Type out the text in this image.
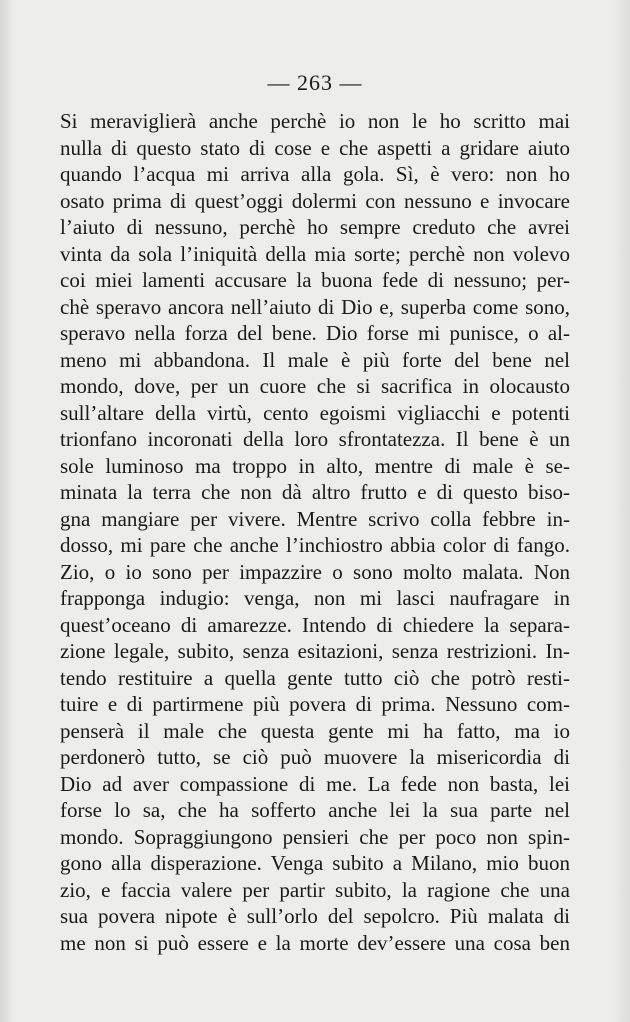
— 263 —
Si meraviglierà anche perchè io non le ho scritto mai
nulla di questo stato di cose e che aspetti a gridare aiuto
quando l’acqua mi arriva alla gola. Sì, è vero: non ho
osato prima di quest’oggi dolermi con nessuno e invocare
l’aiuto di nessuno, perchè ho sempre creduto che avrei
vinta da sola l’iniquità della mia sorte; perchè non volevo
coi miei lamenti accusare la buona fede di nessuno; per-
chè speravo ancora nell’aiuto di Dio e, superba come sono,
speravo nella forza del bene. Dio forse mi punisce, o al-
meno mi abbandona. Il male è più forte del bene nel
mondo, dove, per un cuore che si sacrifica in olocausto
sull’altare della virtù, cento egoismi vigliacchi e potenti
trionfano incoronati della loro sfrontatezza. Il bene è un
sole luminoso ma troppo in alto, mentre di male è se-
minata la terra che non dà altro frutto e di questo biso-
gna mangiare per vivere. Mentre scrivo colla febbre in-
dosso, mi pare che anche l’inchiostro abbia color di fango.
Zio, o io sono per impazzire o sono molto malata. Non
frapponga indugio: venga, non mi lasci naufragare in
quest’oceano di amarezze. Intendo di chiedere la separa-
zione legale, subito, senza esitazioni, senza restrizioni. In-
tendo restituire a quella gente tutto ciò che potrò resti-
tuire e di partirmene più povera di prima. Nessuno com-
penserà il male che questa gente mi ha fatto, ma io
perdonerò tutto, se ciò può muovere la misericordia di
Dio ad aver compassione di me. La fede non basta, lei
forse lo sa, che ha sofferto anche lei la sua parte nel
mondo. Sopraggiungono pensieri che per poco non spin-
gono alla disperazione. Venga subito a Milano, mio buon
zio, e faccia valere per partir subito, la ragione che una
sua povera nipote è sull’orlo del sepolcro. Più malata di
me non si può essere e la morte dev’essere una cosa ben
